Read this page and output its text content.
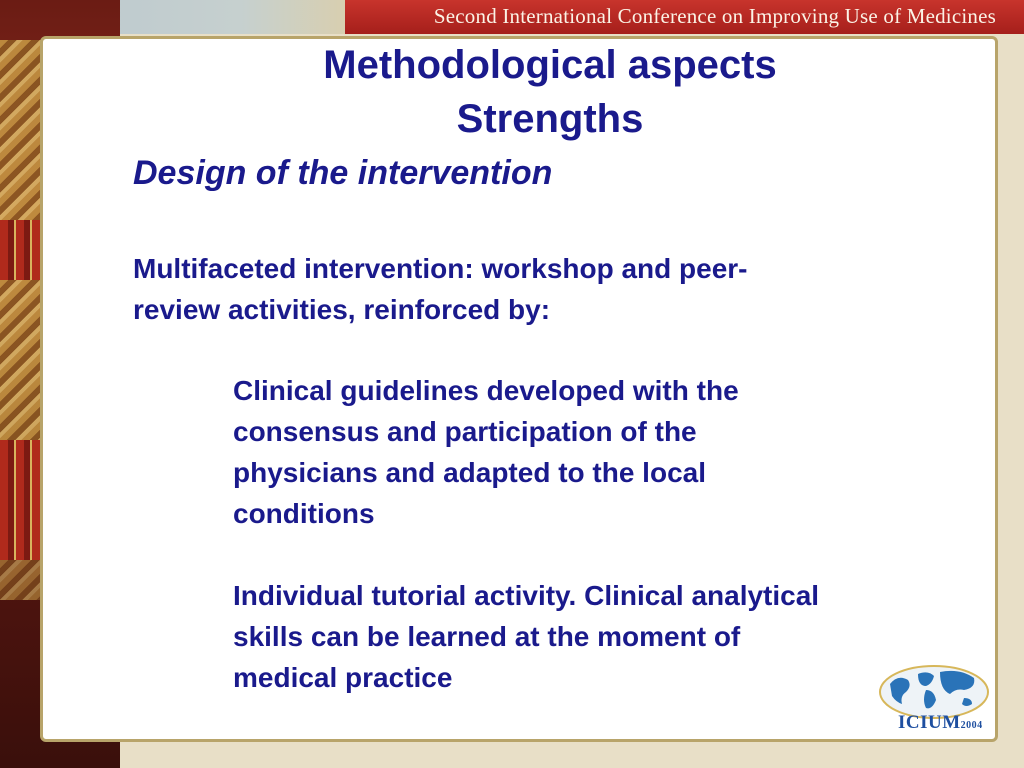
Second International Conference on Improving Use of Medicines
Methodological aspects
Strengths
Design of the intervention
Multifaceted intervention: workshop and peer-
review activities, reinforced by:
Clinical guidelines developed with the
consensus and participation of the
physicians and adapted to the local
conditions
Individual tutorial activity. Clinical analytical
skills can be learned at the moment of
medical practice
ICIUM2004
